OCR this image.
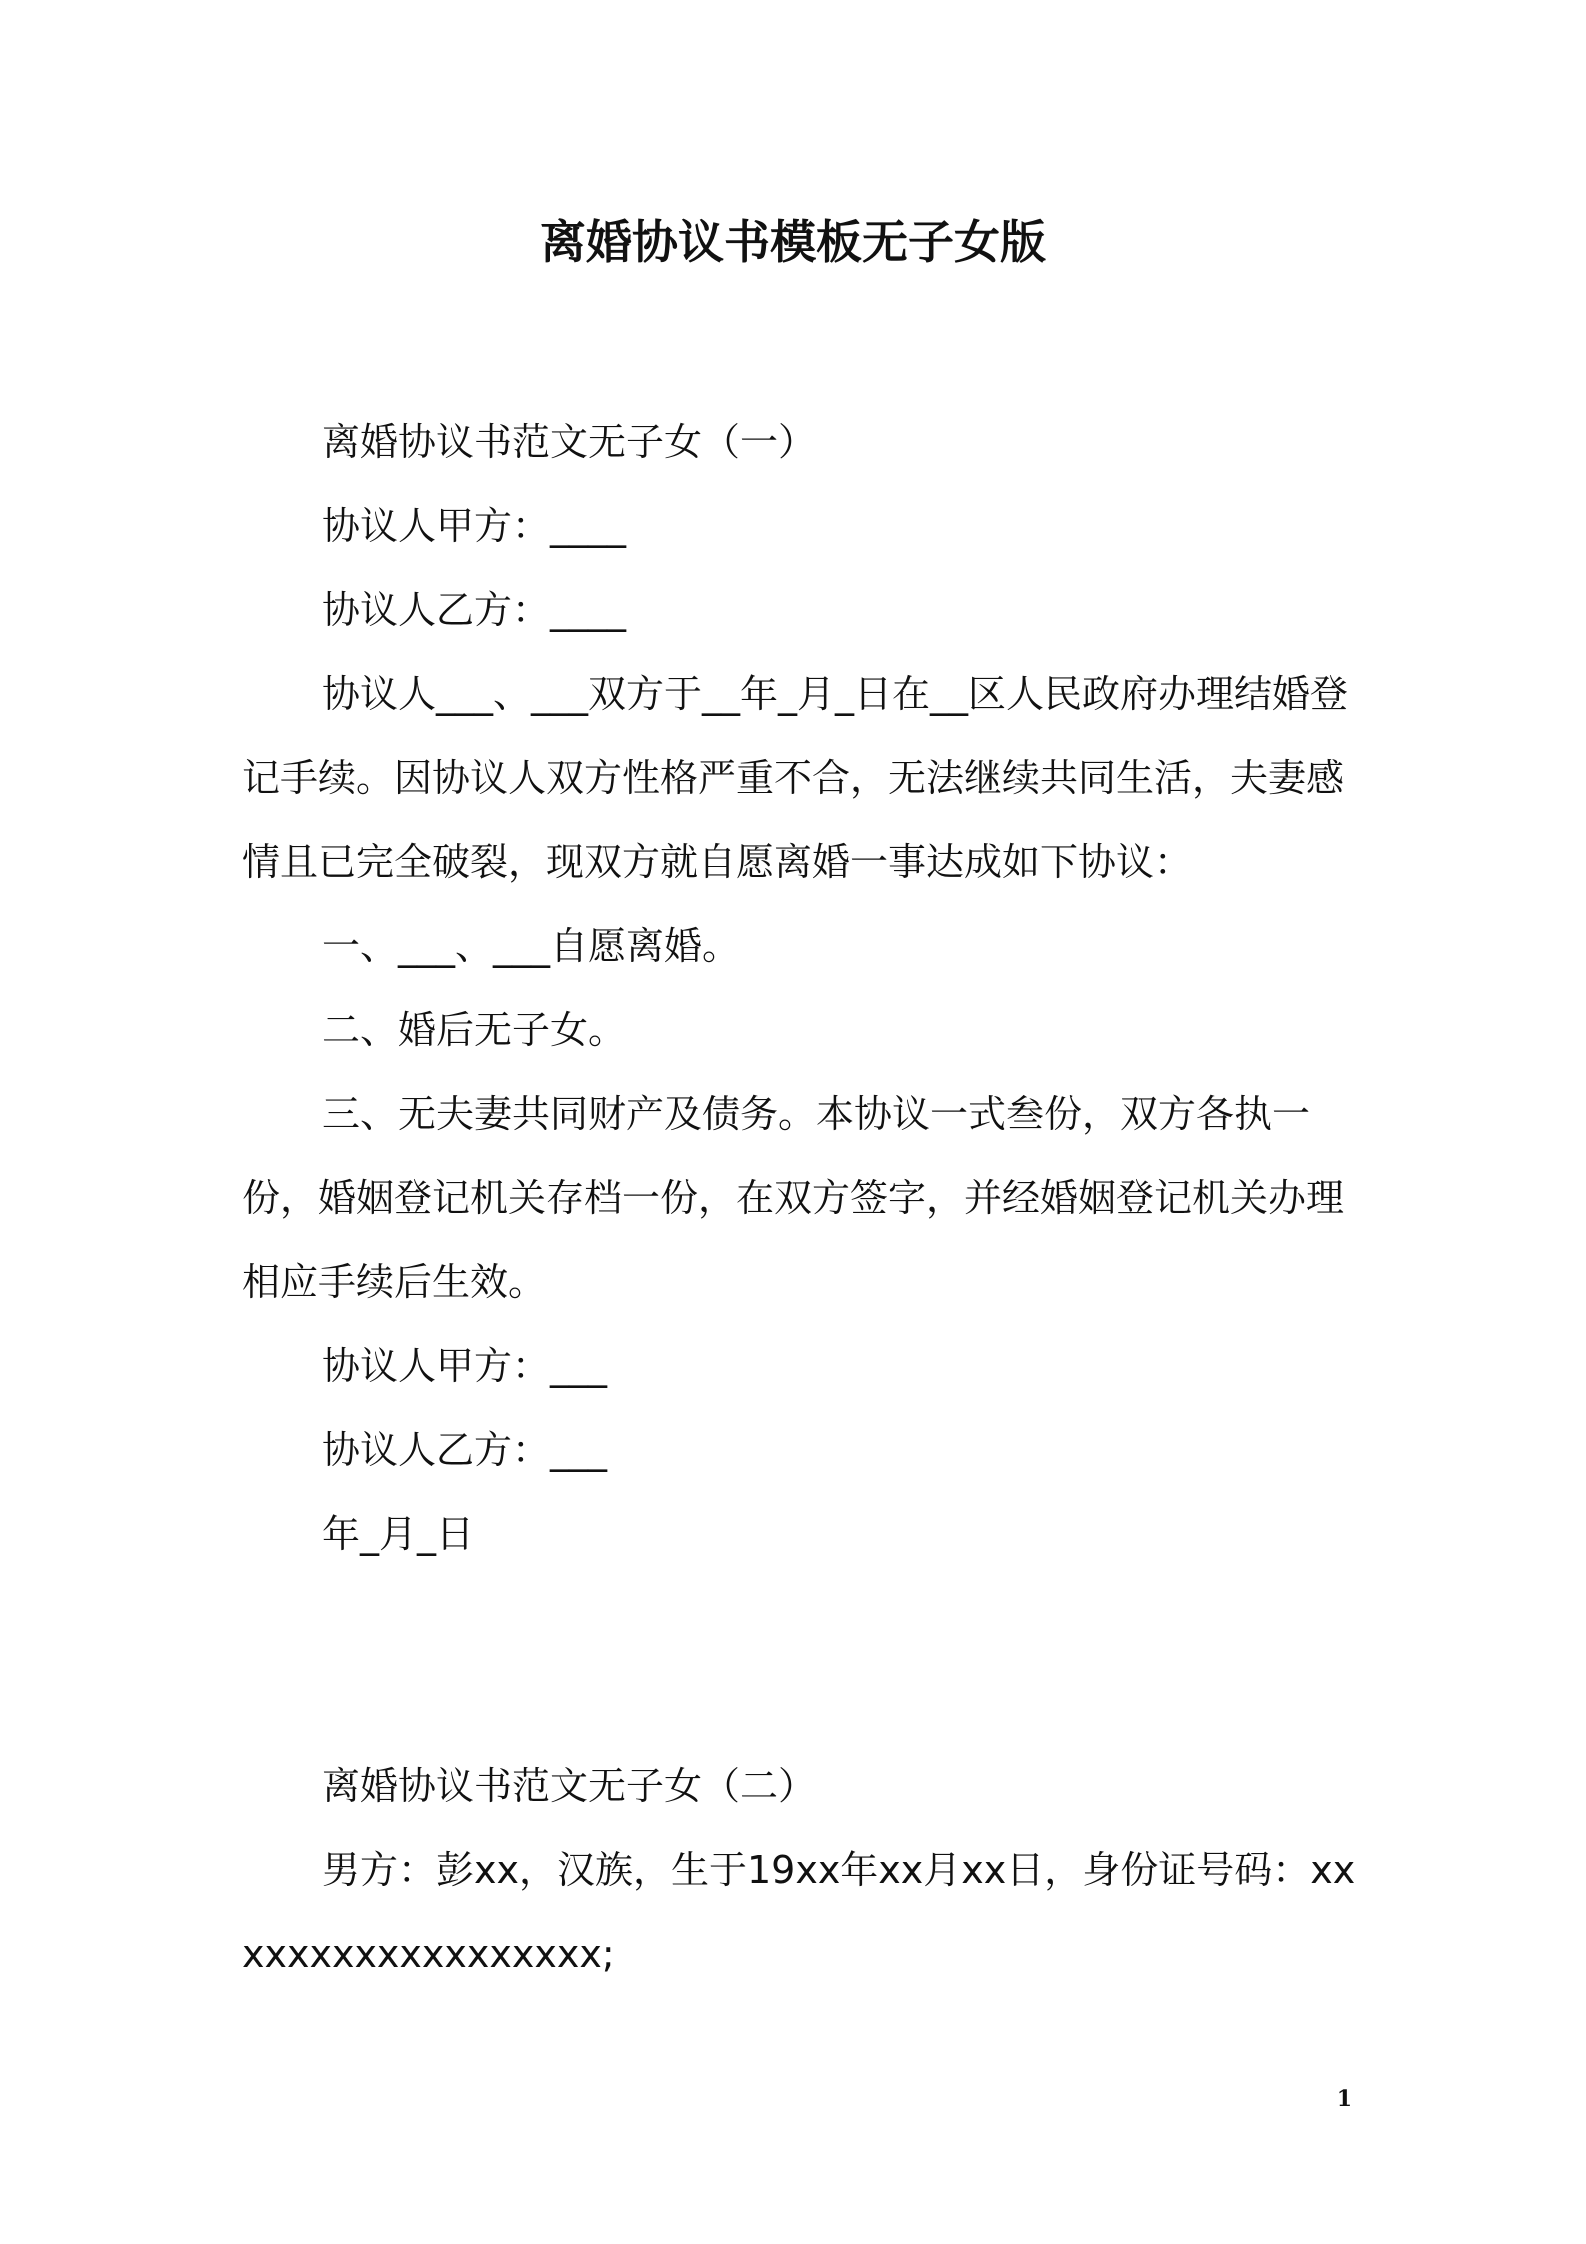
离婚协议书模板无子女版

离婚协议书范文无子女（一）

协议人甲方：____

协议人乙方：____

协议人___、___双方于__年_月_日在__区人民政府办理结婚登记手续。因协议人双方性格严重不合，无法继续共同生活，夫妻感情且已完全破裂，现双方就自愿离婚一事达成如下协议：

一、___、___自愿离婚。

二、婚后无子女。

三、无夫妻共同财产及债务。本协议一式叁份，双方各执一份，婚姻登记机关存档一份，在双方签字，并经婚姻登记机关办理相应手续后生效。

协议人甲方：___

协议人乙方：___

年_月_日

离婚协议书范文无子女（二）

男方：彭xx，汉族，生于19xx年xx月xx日，身份证号码：xxxxxxxxxxxxxxxxxx;

1
